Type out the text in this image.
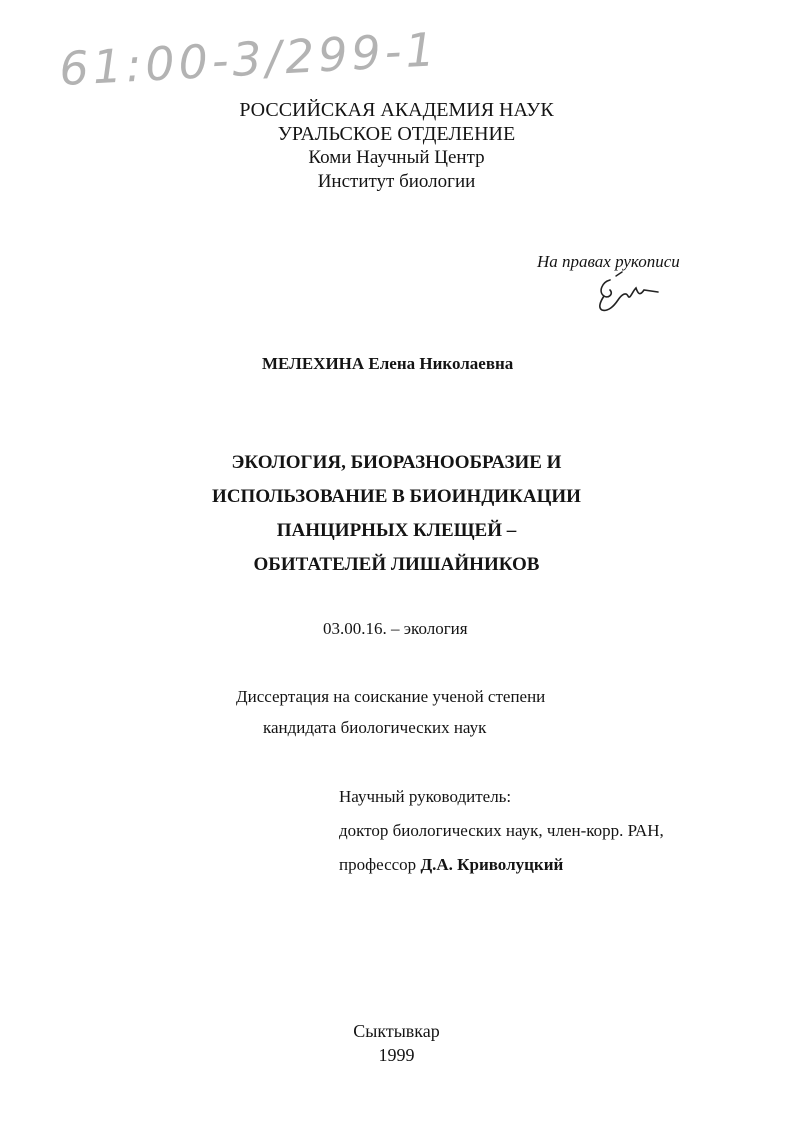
61:00-3/299-1
РОССИЙСКАЯ АКАДЕМИЯ НАУК
УРАЛЬСКОЕ ОТДЕЛЕНИЕ
Коми Научный Центр
Институт биологии
На правах рукописи
МЕЛЕХИНА Елена Николаевна
ЭКОЛОГИЯ, БИОРАЗНООБРАЗИЕ И
ИСПОЛЬЗОВАНИЕ В БИОИНДИКАЦИИ
ПАНЦИРНЫХ КЛЕЩЕЙ –
ОБИТАТЕЛЕЙ ЛИШАЙНИКОВ
03.00.16. – экология
Диссертация на соискание ученой степени
кандидата биологических наук
Научный руководитель:
доктор биологических наук, член-корр. РАН,
профессор Д.А. Криволуцкий
Сыктывкар
1999
